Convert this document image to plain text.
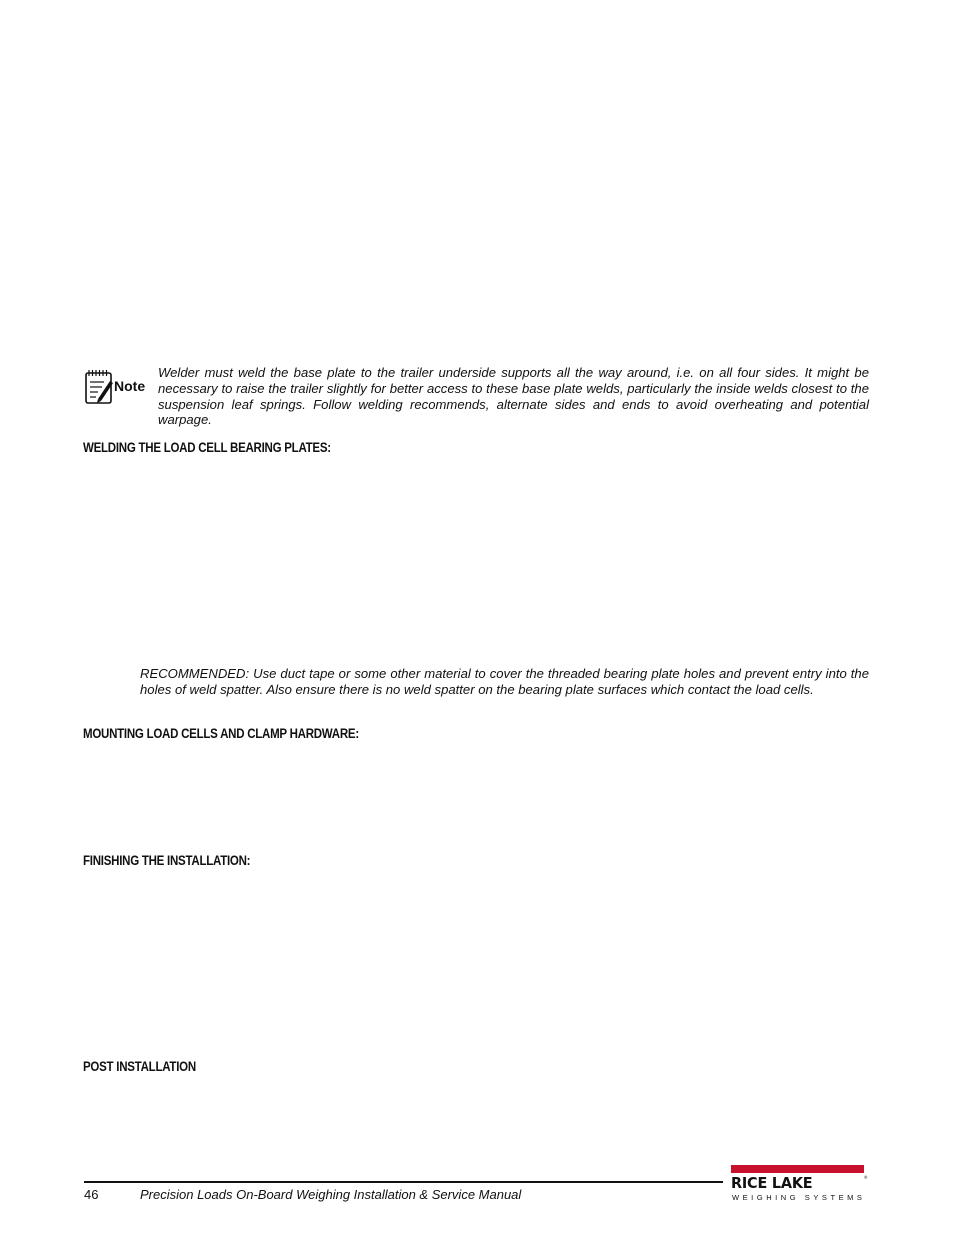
Note

Welder must weld the base plate to the trailer underside supports all the way around, i.e. on all four sides. It might be necessary to raise the trailer slightly for better access to these base plate welds, particularly the inside welds closest to the suspension leaf springs. Follow welding recommends, alternate sides and ends to avoid overheating and potential warpage.

WELDING THE LOAD CELL BEARING PLATES:

RECOMMENDED: Use duct tape or some other material to cover the threaded bearing plate holes and prevent entry into the holes of weld spatter. Also ensure there is no weld spatter on the bearing plate surfaces which contact the load cells.

MOUNTING LOAD CELLS AND CLAMP HARDWARE:
FINISHING THE INSTALLATION:
POST INSTALLATION

46	Precision Loads On-Board Weighing Installation & Service Manual

RICE LAKE	®
WEIGHING SYSTEMS
